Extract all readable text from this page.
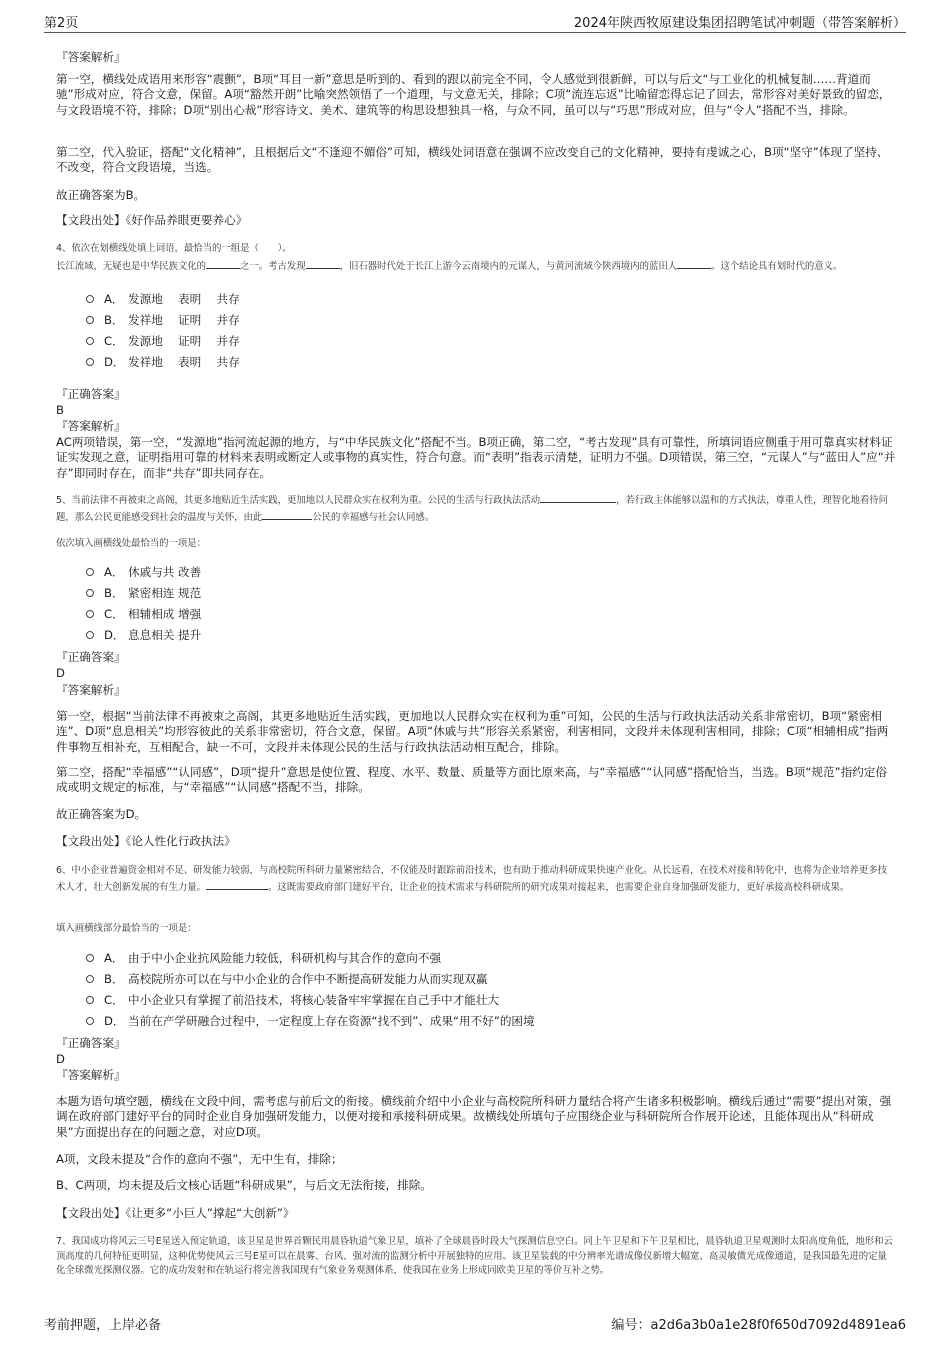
第2页	2024年陕西牧原建设集团招聘笔试冲刺题（带答案解析）
『答案解析』
第一空，横线处成语用来形容“震颤”，B项“耳目一新”意思是听到的、看到的跟以前完全不同，令人感觉到很新鲜，可以与后文“与工业化的机械复制……背道而驰”形成对应，符合文意，保留。A项“豁然开朗”比喻突然领悟了一个道理，与文意无关，排除；C项“流连忘返”比喻留恋得忘记了回去，常形容对美好景致的留恋，与文段语境不符，排除；D项“别出心裁”形容诗文、美术、建筑等的构思设想独具一格，与众不同，虽可以与“巧思”形成对应，但与“令人”搭配不当，排除。
第二空，代入验证，搭配“文化精神”，且根据后文“不逢迎不媚俗”可知，横线处词语意在强调不应改变自己的文化精神，要持有虔诚之心，B项“坚守”体现了坚持、不改变，符合文段语境，当选。
故正确答案为B。
【文段出处】《好作品养眼更要养心》
4、依次在划横线处填上词语，最恰当的一组是（　　）。
长江流域，无疑也是中华民族文化的	之一。考古发现	，旧石器时代处于长江上游今云南境内的元谋人，与黄河流域今陕西境内的蓝田人	。这个结论具有划时代的意义。
A． 发源地　 表明　 共存
B． 发祥地　 证明　 并存
C． 发源地　 证明　 并存
D． 发祥地　 表明　 共存
『正确答案』
B
『答案解析』
AC两项错误，第一空，“发源地”指河流起源的地方，与“中华民族文化”搭配不当。B项正确，第二空，“考古发现”具有可靠性，所填词语应侧重于用可靠真实材料证证实发现之意，证明指用可靠的材料来表明或断定人或事物的真实性，符合句意。而“表明”指表示清楚，证明力不强。D项错误，第三空，“元谋人”与“蓝田人”应“并存”即同时存在，而非“共存”即共同存在。
5、当前法律不再被束之高阁，其更多地贴近生活实践，更加地以人民群众实在权利为重。公民的生活与行政执法活动	，若行政主体能够以温和的方式执法，尊重人性，理智化地看待问题，那么公民更能感受到社会的温度与关怀，由此	公民的幸福感与社会认同感。
依次填入画横线处最恰当的一项是：
A． 休戚与共 改善
B． 紧密相连 规范
C． 相辅相成 增强
D． 息息相关 提升
『正确答案』
D
『答案解析』
第一空，根据“当前法律不再被束之高阁，其更多地贴近生活实践，更加地以人民群众实在权利为重”可知，公民的生活与行政执法活动关系非常密切，B项“紧密相连”、D项“息息相关”均形容彼此的关系非常密切，符合文意，保留。A项“休戚与共”形容关系紧密，利害相同，文段并未体现利害相同，排除；C项“相辅相成”指两件事物互相补充，互相配合，缺一不可，文段并未体现公民的生活与行政执法活动相互配合，排除。
第二空，搭配“幸福感”“认同感”，D项“提升”意思是使位置、程度、水平、数量、质量等方面比原来高，与“幸福感”“认同感”搭配恰当，当选。B项“规范”指约定俗成或明文规定的标准，与“幸福感”“认同感”搭配不当，排除。
故正确答案为D。
【文段出处】《论人性化行政执法》
6、中小企业普遍资金相对不足、研发能力较弱，与高校院所科研力量紧密结合，不仅能及时跟踪前沿技术，也有助于推动科研成果快速产业化。从长远看，在技术对接和转化中，也将为企业培养更多技术人才，壮大创新发展的有生力量。	。这既需要政府部门建好平台，让企业的技术需求与科研院所的研究成果对接起来，也需要企业自身加强研发能力，更好承接高校科研成果。
填入画横线部分最恰当的一项是：
A． 由于中小企业抗风险能力较低，科研机构与其合作的意向不强
B． 高校院所亦可以在与中小企业的合作中不断提高研发能力从而实现双赢
C． 中小企业只有掌握了前沿技术，将核心装备牢牢掌握在自己手中才能壮大
D． 当前在产学研融合过程中，一定程度上存在资源“找不到”、成果“用不好”的困境
『正确答案』
D
『答案解析』
本题为语句填空题，横线在文段中间，需考虑与前后文的衔接。横线前介绍中小企业与高校院所科研力量结合将产生诸多积极影响。横线后通过“需要”提出对策，强调在政府部门建好平台的同时企业自身加强研发能力，以便对接和承接科研成果。故横线处所填句子应围绕企业与科研院所合作展开论述，且能体现出从“科研成果”方面提出存在的问题之意，对应D项。
A项，文段未提及“合作的意向不强”，无中生有，排除；
B、C两项，均未提及后文核心话题“科研成果”，与后文无法衔接，排除。
【文段出处】《让更多“小巨人”撑起“大创新”》
7、我国成功将风云三号E星送入预定轨道，该卫星是世界首颗民用晨昏轨道气象卫星，填补了全球晨昏时段大气探测信息空白。同上午卫星和下午卫星相比，晨昏轨道卫星观测时太阳高度角低，地形和云顶高度的几何特征更明显，这种优势使风云三号E星可以在晨雾、台风、强对流的监测分析中开展独特的应用。该卫星装载的中分辨率光谱成像仪新增大幅宽、高灵敏微光成像通道，是我国最先进的定量化全球微光探测仪器。它的成功发射和在轨运行将完善我国现有气象业务观测体系，使我国在业务上形成同欧美卫星的等价互补之势。
考前押题，上岸必备	编号：a2d6a3b0a1e28f0f650d7092d4891ea6
